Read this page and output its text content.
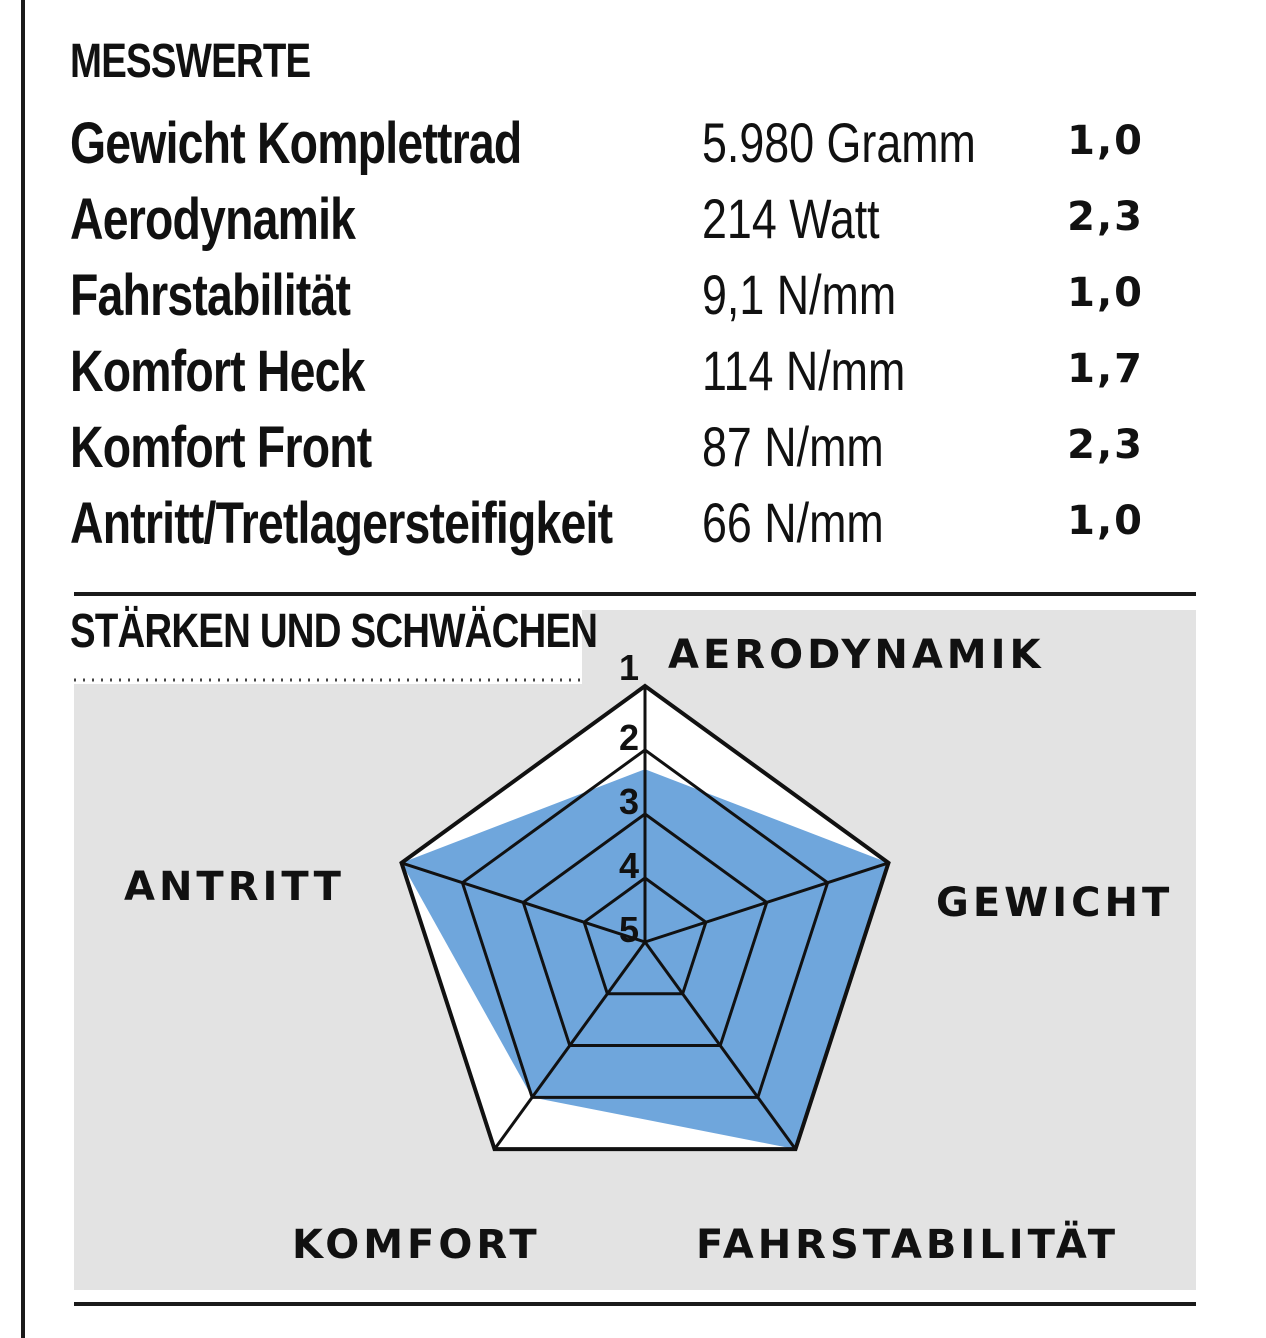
MESSWERTE
Gewicht Komplettrad	5.980 Gramm 1,0
Aerodynamik	214 Watt	2,3
Fahrstabilität	9,1 N/mm	1,0
Komfort Heck	114 N/mm	1,7
Komfort Front	87 N/mm	2,3
Antritt/Tretlagersteifigkeit 66 N/mm	1,0
1
2
3
4
5
AERODYNAMIK
GEWICHT
FAHRSTABILITÄT
KOMFORT
ANTRITT
STÄRKEN UND SCHWÄCHEN
